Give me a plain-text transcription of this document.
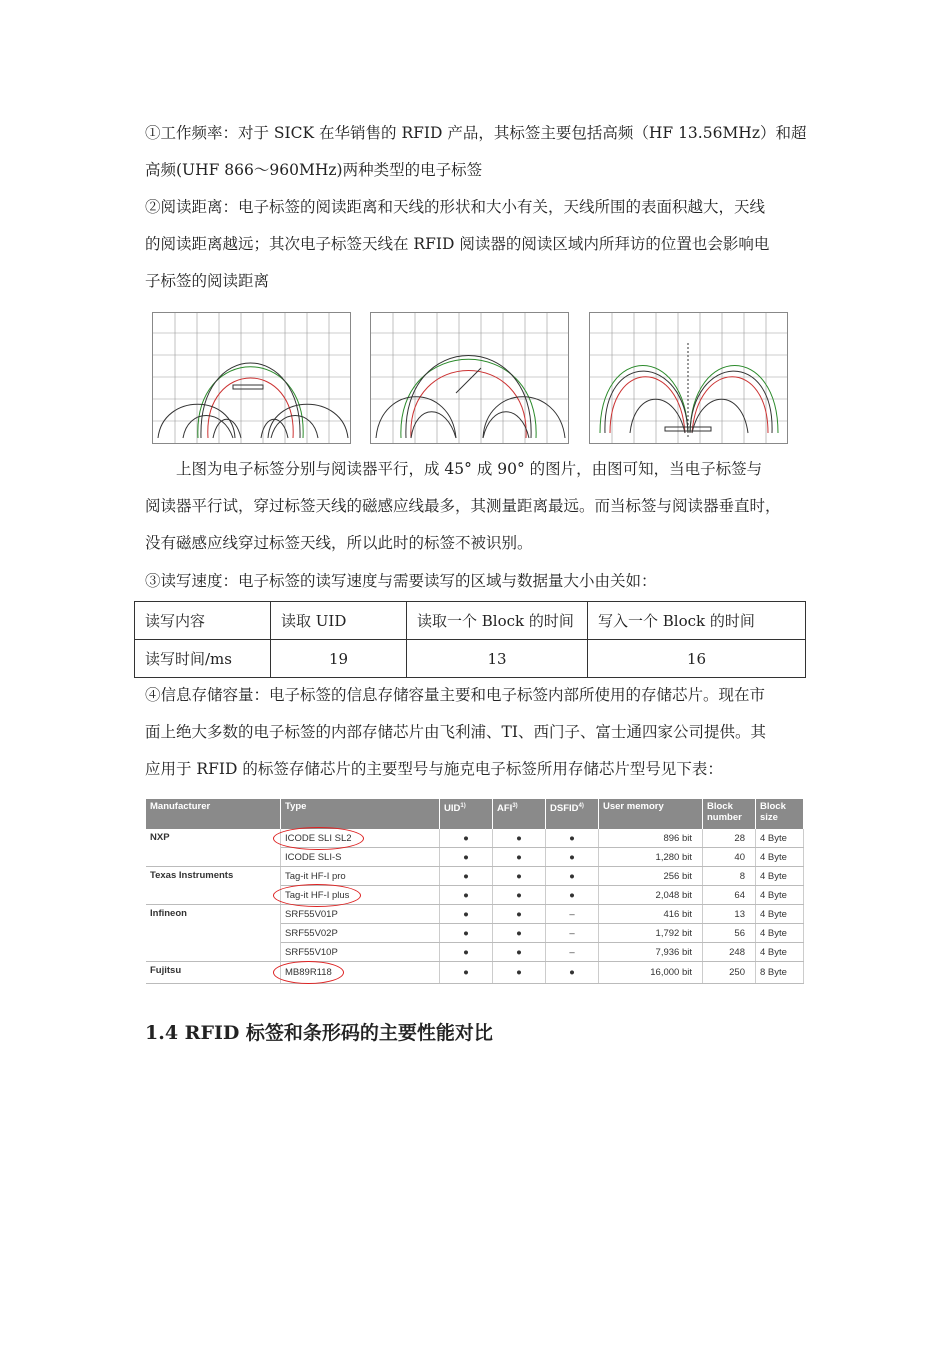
①工作频率：对于 SICK 在华销售的 RFID 产品，其标签主要包括高频（HF 13.56MHz）和超
高频(UHF 866～960MHz)两种类型的电子标签

②阅读距离：电子标签的阅读距离和天线的形状和大小有关，天线所围的表面积越大，天线
的阅读距离越远；其次电子标签天线在 RFID 阅读器的阅读区域内所拜访的位置也会影响电
子标签的阅读距离

上图为电子标签分别与阅读器平行，成 45° 成 90° 的图片，由图可知，当电子标签与
阅读器平行试，穿过标签天线的磁感应线最多，其测量距离最远。而当标签与阅读器垂直时，
没有磁感应线穿过标签天线，所以此时的标签不被识别。

③读写速度：电子标签的读写速度与需要读写的区域与数据量大小由关如：

读写内容	读取 UID	读取一个 Block 的时间	写入一个 Block 的时间
读写时间/ms	19	13	16

④信息存储容量：电子标签的信息存储容量主要和电子标签内部所使用的存储芯片。现在市
面上绝大多数的电子标签的内部存储芯片由飞利浦、TI、西门子、富士通四家公司提供。其
应用于 RFID 的标签存储芯片的主要型号与施克电子标签所用存储芯片型号见下表：

Manufacturer	Type	UID$^{1)}$	AFI$^{3)}$	DSFID$^{4)}$	User memory	Block number	Block size
NXP	ICODE SLI SL2	●	●	●	896 bit	28	4 Byte
	ICODE SLI-S	●	●	●	1,280 bit	40	4 Byte
Texas Instruments	Tag-it HF-I pro	●	●	●	256 bit	8	4 Byte
	Tag-it HF-I plus	●	●	●	2,048 bit	64	4 Byte
Infineon	SRF55V01P	●	●	–	416 bit	13	4 Byte
	SRF55V02P	●	●	–	1,792 bit	56	4 Byte
	SRF55V10P	●	●	–	7,936 bit	248	4 Byte
Fujitsu	MB89R118	●	●	●	16,000 bit	250	8 Byte
1.4 RFID 标签和条形码的主要性能对比
